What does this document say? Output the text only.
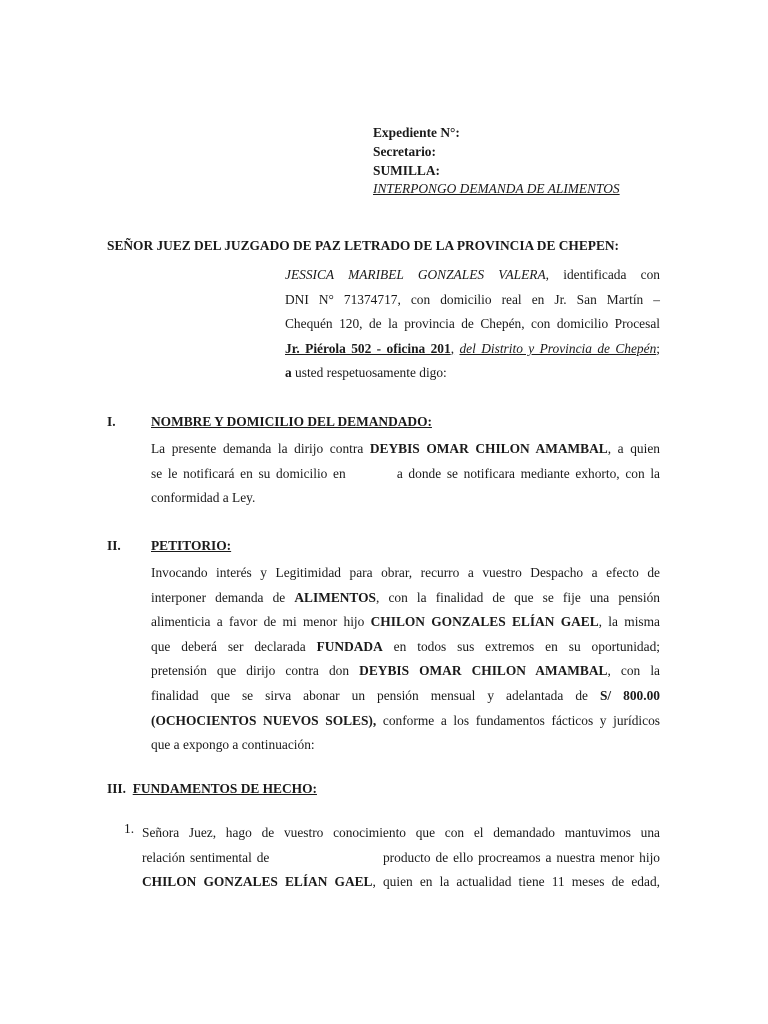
Expediente N°:
Secretario:
SUMILLA:
INTERPONGO DEMANDA DE ALIMENTOS
SEÑOR JUEZ DEL JUZGADO DE PAZ LETRADO DE LA PROVINCIA DE CHEPEN:
JESSICA MARIBEL GONZALES VALERA, identificada con
DNI N° 71374717, con domicilio real en Jr. San Martín –
Chequén 120, de la provincia de Chepén, con domicilio Procesal
Jr. Piérola 502 - oficina 201, del Distrito y Provincia de Chepén;
a usted respetuosamente digo:
I.	NOMBRE Y DOMICILIO DEL DEMANDADO:
La presente demanda la dirijo contra DEYBIS OMAR CHILON AMAMBAL, a quien
se le notificará en su domicilio en	a donde se notificara mediante exhorto, con la
conformidad a Ley.
II. PETITORIO:
Invocando interés y Legitimidad para obrar, recurro a vuestro Despacho a efecto de
interponer demanda de ALIMENTOS, con la finalidad de que se fije una pensión
alimenticia a favor de mi menor hijo CHILON GONZALES ELÍAN GAEL, la misma
que deberá ser declarada FUNDADA en todos sus extremos en su oportunidad;
pretensión que dirijo contra don DEYBIS OMAR CHILON AMAMBAL, con la
finalidad que se sirva abonar un pensión mensual y adelantada de S/ 800.00
(OCHOCIENTOS NUEVOS SOLES), conforme a los fundamentos fácticos y jurídicos
que a expongo a continuación:
III. FUNDAMENTOS DE HECHO:
1. Señora Juez, hago de vuestro conocimiento que con el demandado mantuvimos una
relación sentimental de	producto de ello procreamos a nuestra menor hijo
CHILON GONZALES ELÍAN GAEL, quien en la actualidad tiene 11 meses de edad,
